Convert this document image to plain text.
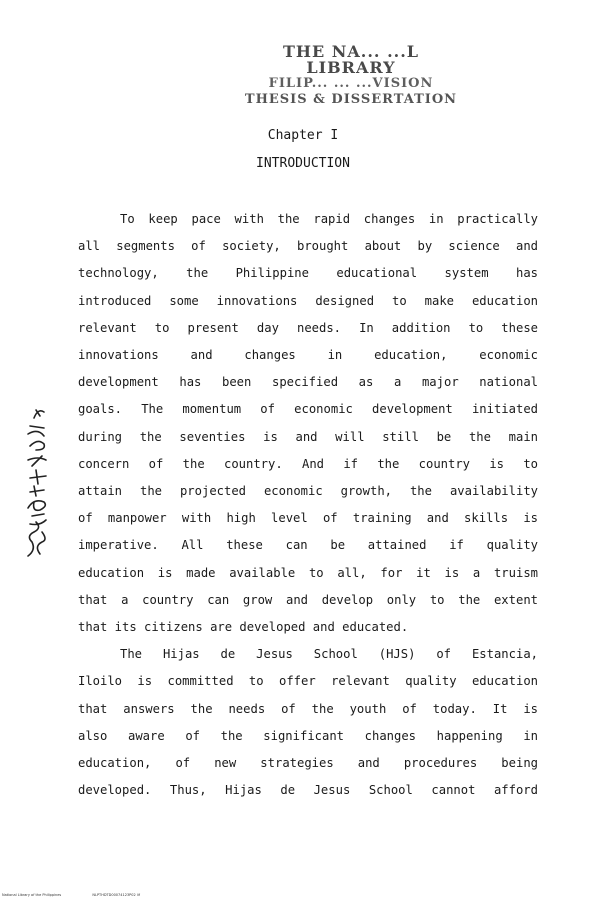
THE NA... ...L LIBRARY
FILIP... ... ...VISION
THESIS & DISSERTATION
Chapter I
INTRODUCTION
To keep pace with the rapid changes in practically
all segments of society, brought about by science and
technology, the Philippine educational system has
introduced some innovations designed to make education
relevant to present day needs. In addition to these
innovations and changes in education, economic
development has been specified as a major national
goals. The momentum of economic development initiated
during the seventies is and will still be the main
concern of the country. And if the country is to
attain the projected economic growth, the availability
of manpower with high level of training and skills is
imperative. All these can be attained if quality
education is made available to all, for it is a truism
that a country can grow and develop only to the extent
that its citizens are developed and educated.
The Hijas de Jesus School (HJS) of Estancia,
Iloilo is committed to offer relevant quality education
that answers the needs of the youth of today. It is
also aware of the significant changes happening in
education, of new strategies and procedures being
developed. Thus, Hijas de Jesus School cannot afford
National Library of the Philippines	NLPTHDTD00074123P02 lif
